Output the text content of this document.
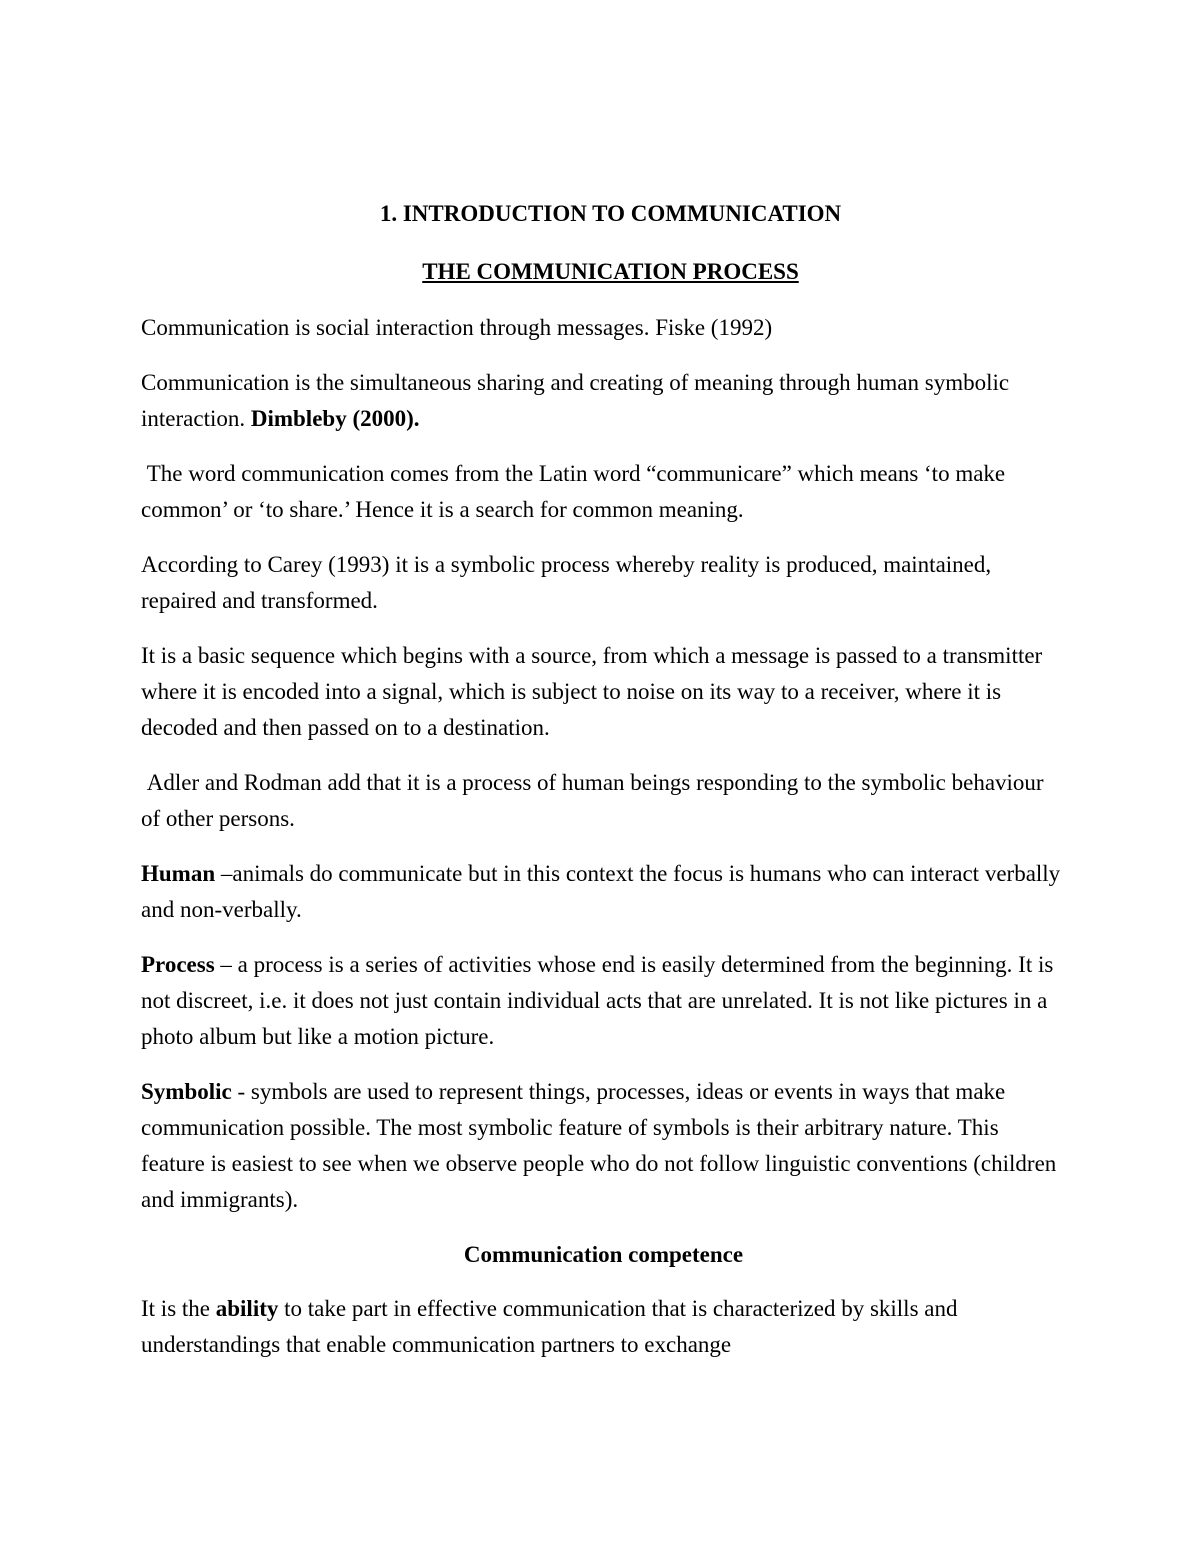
1. INTRODUCTION TO COMMUNICATION
THE COMMUNICATION PROCESS

Communication is social interaction through messages. Fiske (1992)

Communication is the simultaneous sharing and creating of meaning through human symbolic interaction. Dimbleby (2000).

The word communication comes from the Latin word “communicare” which means ‘to make common’ or ‘to share.’ Hence it is a search for common meaning.

According to Carey (1993) it is a symbolic process whereby reality is produced, maintained, repaired and transformed.

It is a basic sequence which begins with a source, from which a message is passed to a transmitter where it is encoded into a signal, which is subject to noise on its way to a receiver, where it is decoded and then passed on to a destination.

Adler and Rodman add that it is a process of human beings responding to the symbolic behaviour of other persons.

Human –animals do communicate but in this context the focus is humans who can interact verbally and non-verbally.

Process – a process is a series of activities whose end is easily determined from the beginning. It is not discreet, i.e. it does not just contain individual acts that are unrelated. It is not like pictures in a photo album but like a motion picture.

Symbolic - symbols are used to represent things, processes, ideas or events in ways that make communication possible. The most symbolic feature of symbols is their arbitrary nature. This feature is easiest to see when we observe people who do not follow linguistic conventions (children and immigrants).

Communication competence

It is the ability to take part in effective communication that is characterized by skills and understandings that enable communication partners to exchange
